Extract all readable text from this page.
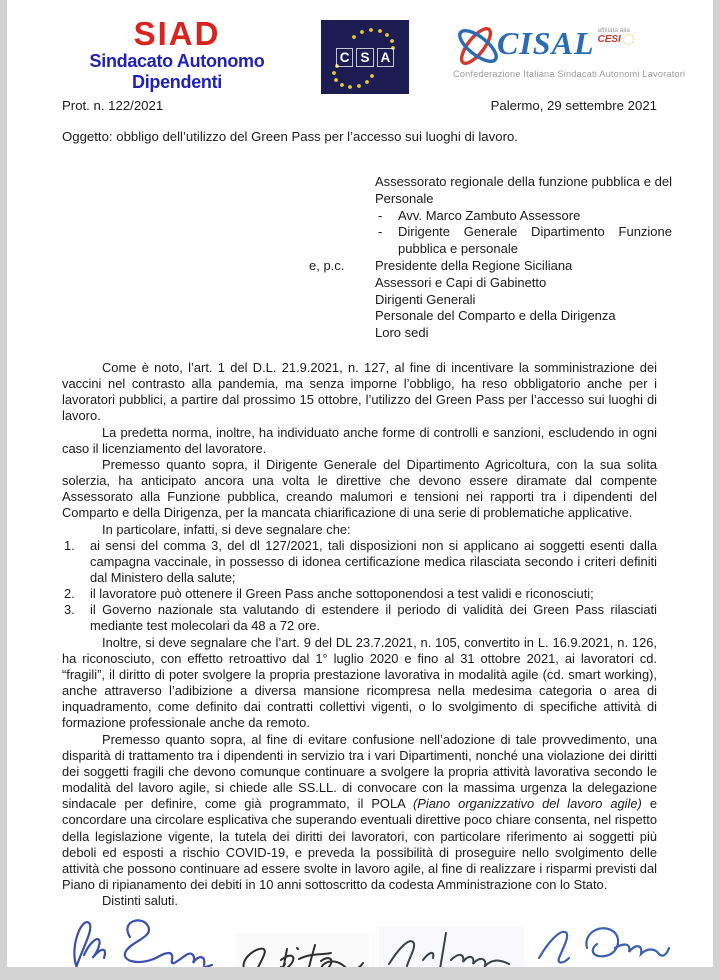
SIAD
Sindacato Autonomo Dipendenti
C S A	CISAL affiliata alla
CESI
Confederazione Italiana Sindacati Autonomi Lavoratori
Prot. n. 122/2021	Palermo, 29 settembre 2021
Oggetto: obbligo dell’utilizzo del Green Pass per l’accesso sui luoghi di lavoro.
Assessorato regionale della funzione pubblica e del Personale
-	Avv. Marco Zambuto Assessore
-	Dirigente Generale Dipartimento Funzione pubblica e personale
e, p.c. Presidente della Regione Siciliana
Assessori e Capi di Gabinetto
Dirigenti Generali
Personale del Comparto e della Dirigenza
Loro sedi

Come è noto, l’art. 1 del D.L. 21.9.2021, n. 127, al fine di incentivare la somministrazione dei vaccini nel contrasto alla pandemia, ma senza imporne l’obbligo, ha reso obbligatorio anche per i lavoratori pubblici, a partire dal prossimo 15 ottobre, l’utilizzo del Green Pass per l’accesso sui luoghi di lavoro.

La predetta norma, inoltre, ha individuato anche forme di controlli e sanzioni, escludendo in ogni caso il licenziamento del lavoratore.

Premesso quanto sopra, il Dirigente Generale del Dipartimento Agricoltura, con la sua solita solerzia, ha anticipato ancora una volta le direttive che devono essere diramate dal compente Assessorato alla Funzione pubblica, creando malumori e tensioni nei rapporti tra i dipendenti del Comparto e della Dirigenza, per la mancata chiarificazione di una serie di problematiche applicative.

In particolare, infatti, si deve segnalare che:

1.	ai sensi del comma 3, del dl 127/2021, tali disposizioni non si applicano ai soggetti esenti dalla campagna vaccinale, in possesso di idonea certificazione medica rilasciata secondo i criteri definiti dal Ministero della salute;
2.	il lavoratore può ottenere il Green Pass anche sottoponendosi a test validi e riconosciuti;
3.	il Governo nazionale sta valutando di estendere il periodo di validità dei Green Pass rilasciati mediante test molecolari da 48 a 72 ore.

Inoltre, si deve segnalare che l’art. 9 del DL 23.7.2021, n. 105, convertito in L. 16.9.2021, n. 126, ha riconosciuto, con effetto retroattivo dal 1° luglio 2020 e fino al 31 ottobre 2021, ai lavoratori cd. “fragili”, il diritto di poter svolgere la propria prestazione lavorativa in modalità agile (cd. smart working), anche attraverso l’adibizione a diversa mansione ricompresa nella medesima categoria o area di inquadramento, come definito dai contratti collettivi vigenti, o lo svolgimento di specifiche attività di formazione professionale anche da remoto.

Premesso quanto sopra, al fine di evitare confusione nell’adozione di tale provvedimento, una disparità di trattamento tra i dipendenti in servizio tra i vari Dipartimenti, nonché una violazione dei diritti dei soggetti fragili che devono comunque continuare a svolgere la propria attività lavorativa secondo le modalità del lavoro agile, si chiede alle SS.LL. di convocare con la massima urgenza la delegazione sindacale per definire, come già programmato, il POLA (Piano organizzativo del lavoro agile) e concordare una circolare esplicativa che superando eventuali direttive poco chiare consenta, nel rispetto della legislazione vigente, la tutela dei diritti dei lavoratori, con particolare riferimento ai soggetti più deboli ed esposti a rischio COVID-19, e preveda la possibilità di proseguire nello svolgimento delle attività che possono continuare ad essere svolte in lavoro agile, al fine di realizzare i risparmi previsti dal Piano di ripianamento dei debiti in 10 anni sottoscritto da codesta Amministrazione con lo Stato.

Distinti saluti.
